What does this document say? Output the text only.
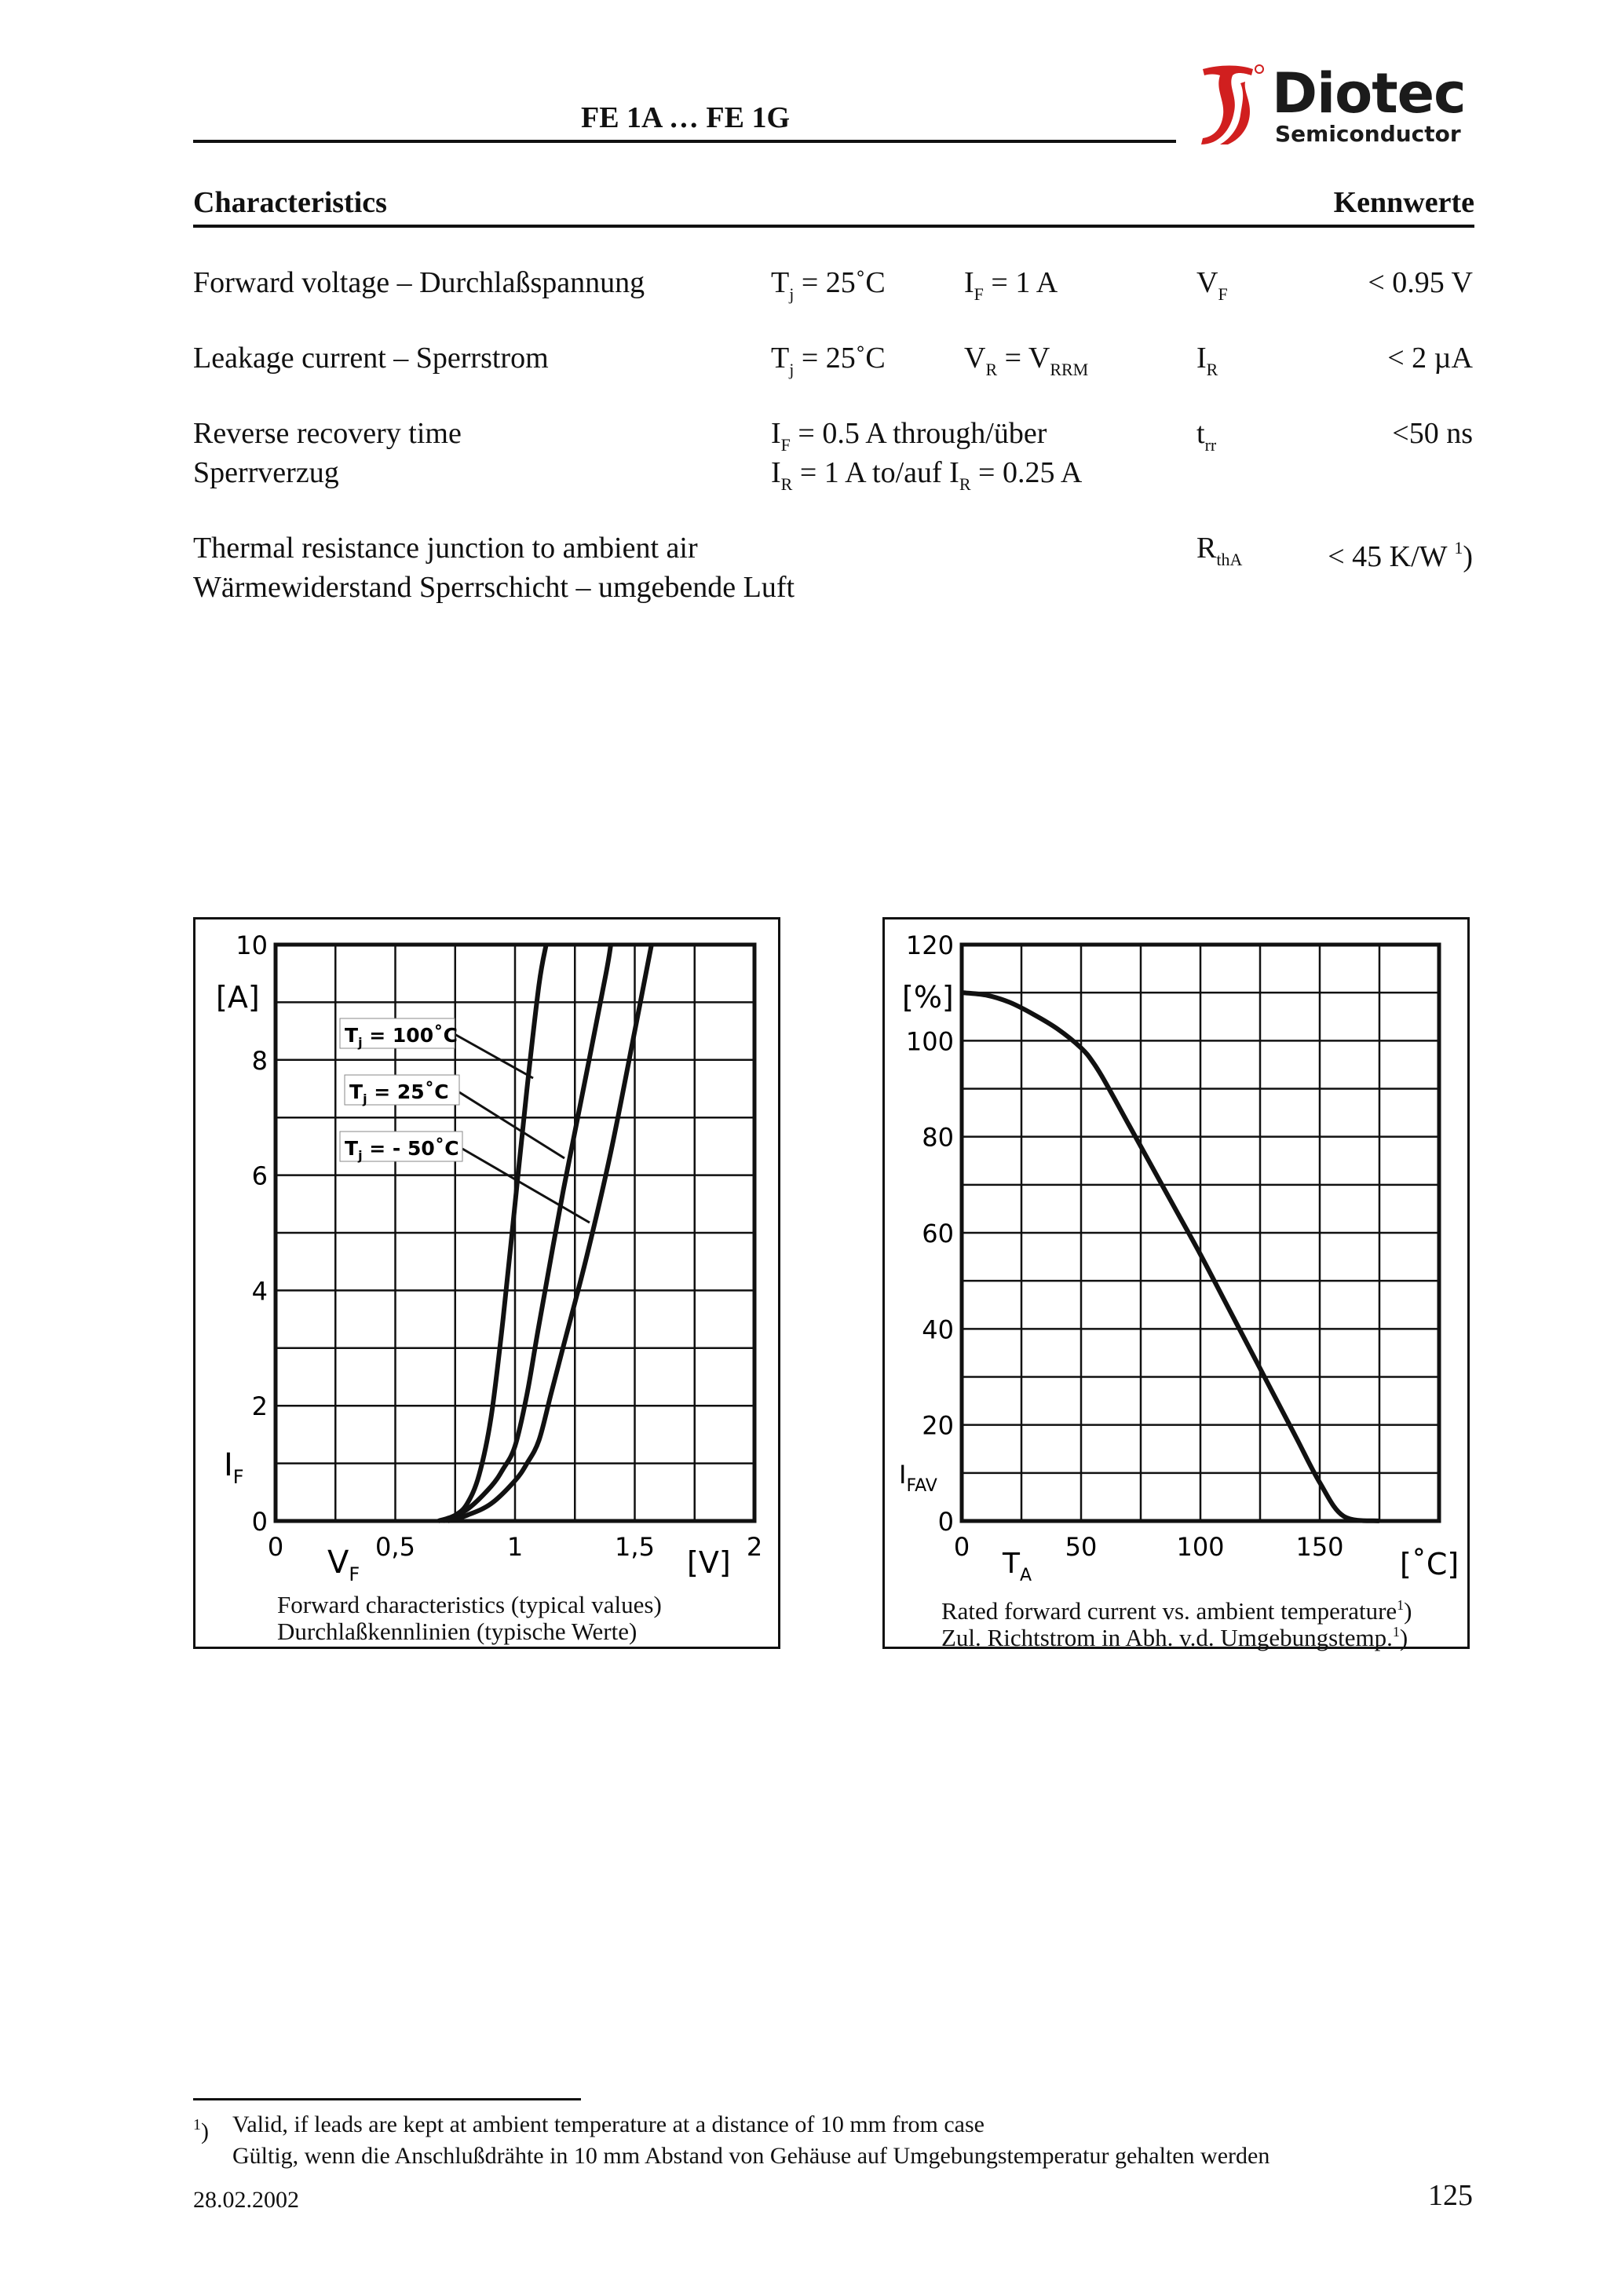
FE 1A … FE 1G	Diotec
Semiconductor
Characteristics	Kennwerte
Forward voltage – Durchlaßspannung	$T_j$ = 25˚C	$I_F = 1$ A	$V_F$	< 0.95 V
Leakage current – Sperrstrom	$T_j$ = 25˚C	$V_R = V_{RRM}$	$I_R$	< 2 µA
Reverse recovery time
Sperrverzug
$I_F = 0.5$ A through/über
$I_R = 1$ A to/auf $I_R = 0.25$ A
$t_{rr}$	<50 ns
Thermal resistance junction to ambient air
Wärmewiderstand Sperrschicht – umgebende Luft
$R_{thA}$	< 45 K/W $^1$)
0	0,5	1	1,5	2
0
2
4
6
8
10
$T_j$ = 100˚C
$T_j$ = 25˚C
$T_j$ = - 50˚C
[A]
$I_F$
$V_F$	[V]
Forward characteristics (typical values)
Durchlaßkennlinien (typische Werte)
0	50	100	150
0
20
40
60
80
100
120
[%]
$I_{FAV}$
$T_A$	[˚C]
Rated forward current vs. ambient temperature$^1$)
Zul. Richtstrom in Abh. v.d. Umgebungstemp.$^1$)
$^1$) Valid, if leads are kept at ambient temperature at a distance of 10 mm from case
Gültig, wenn die Anschlußdrähte in 10 mm Abstand von Gehäuse auf Umgebungstemperatur gehalten werden
28.02.2002	125
